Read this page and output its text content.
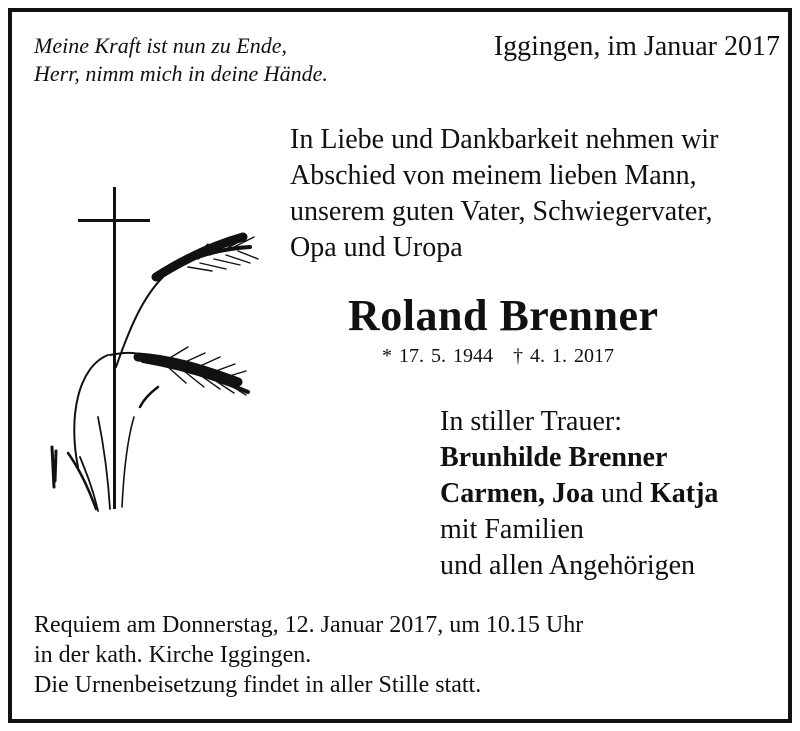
Meine Kraft ist nun zu Ende,
Herr, nimm mich in deine Hände.
Iggingen, im Januar 2017
In Liebe und Dankbarkeit nehmen wir
Abschied von meinem lieben Mann,
unserem guten Vater, Schwiegervater,
Opa und Uropa
Roland Brenner
* 17. 5. 1944 † 4. 1. 2017
In stiller Trauer:
Brunhilde Brenner
Carmen, Joa und Katja
mit Familien
und allen Angehörigen
Requiem am Donnerstag, 12. Januar 2017, um 10.15 Uhr
in der kath. Kirche Iggingen.
Die Urnenbeisetzung findet in aller Stille statt.
